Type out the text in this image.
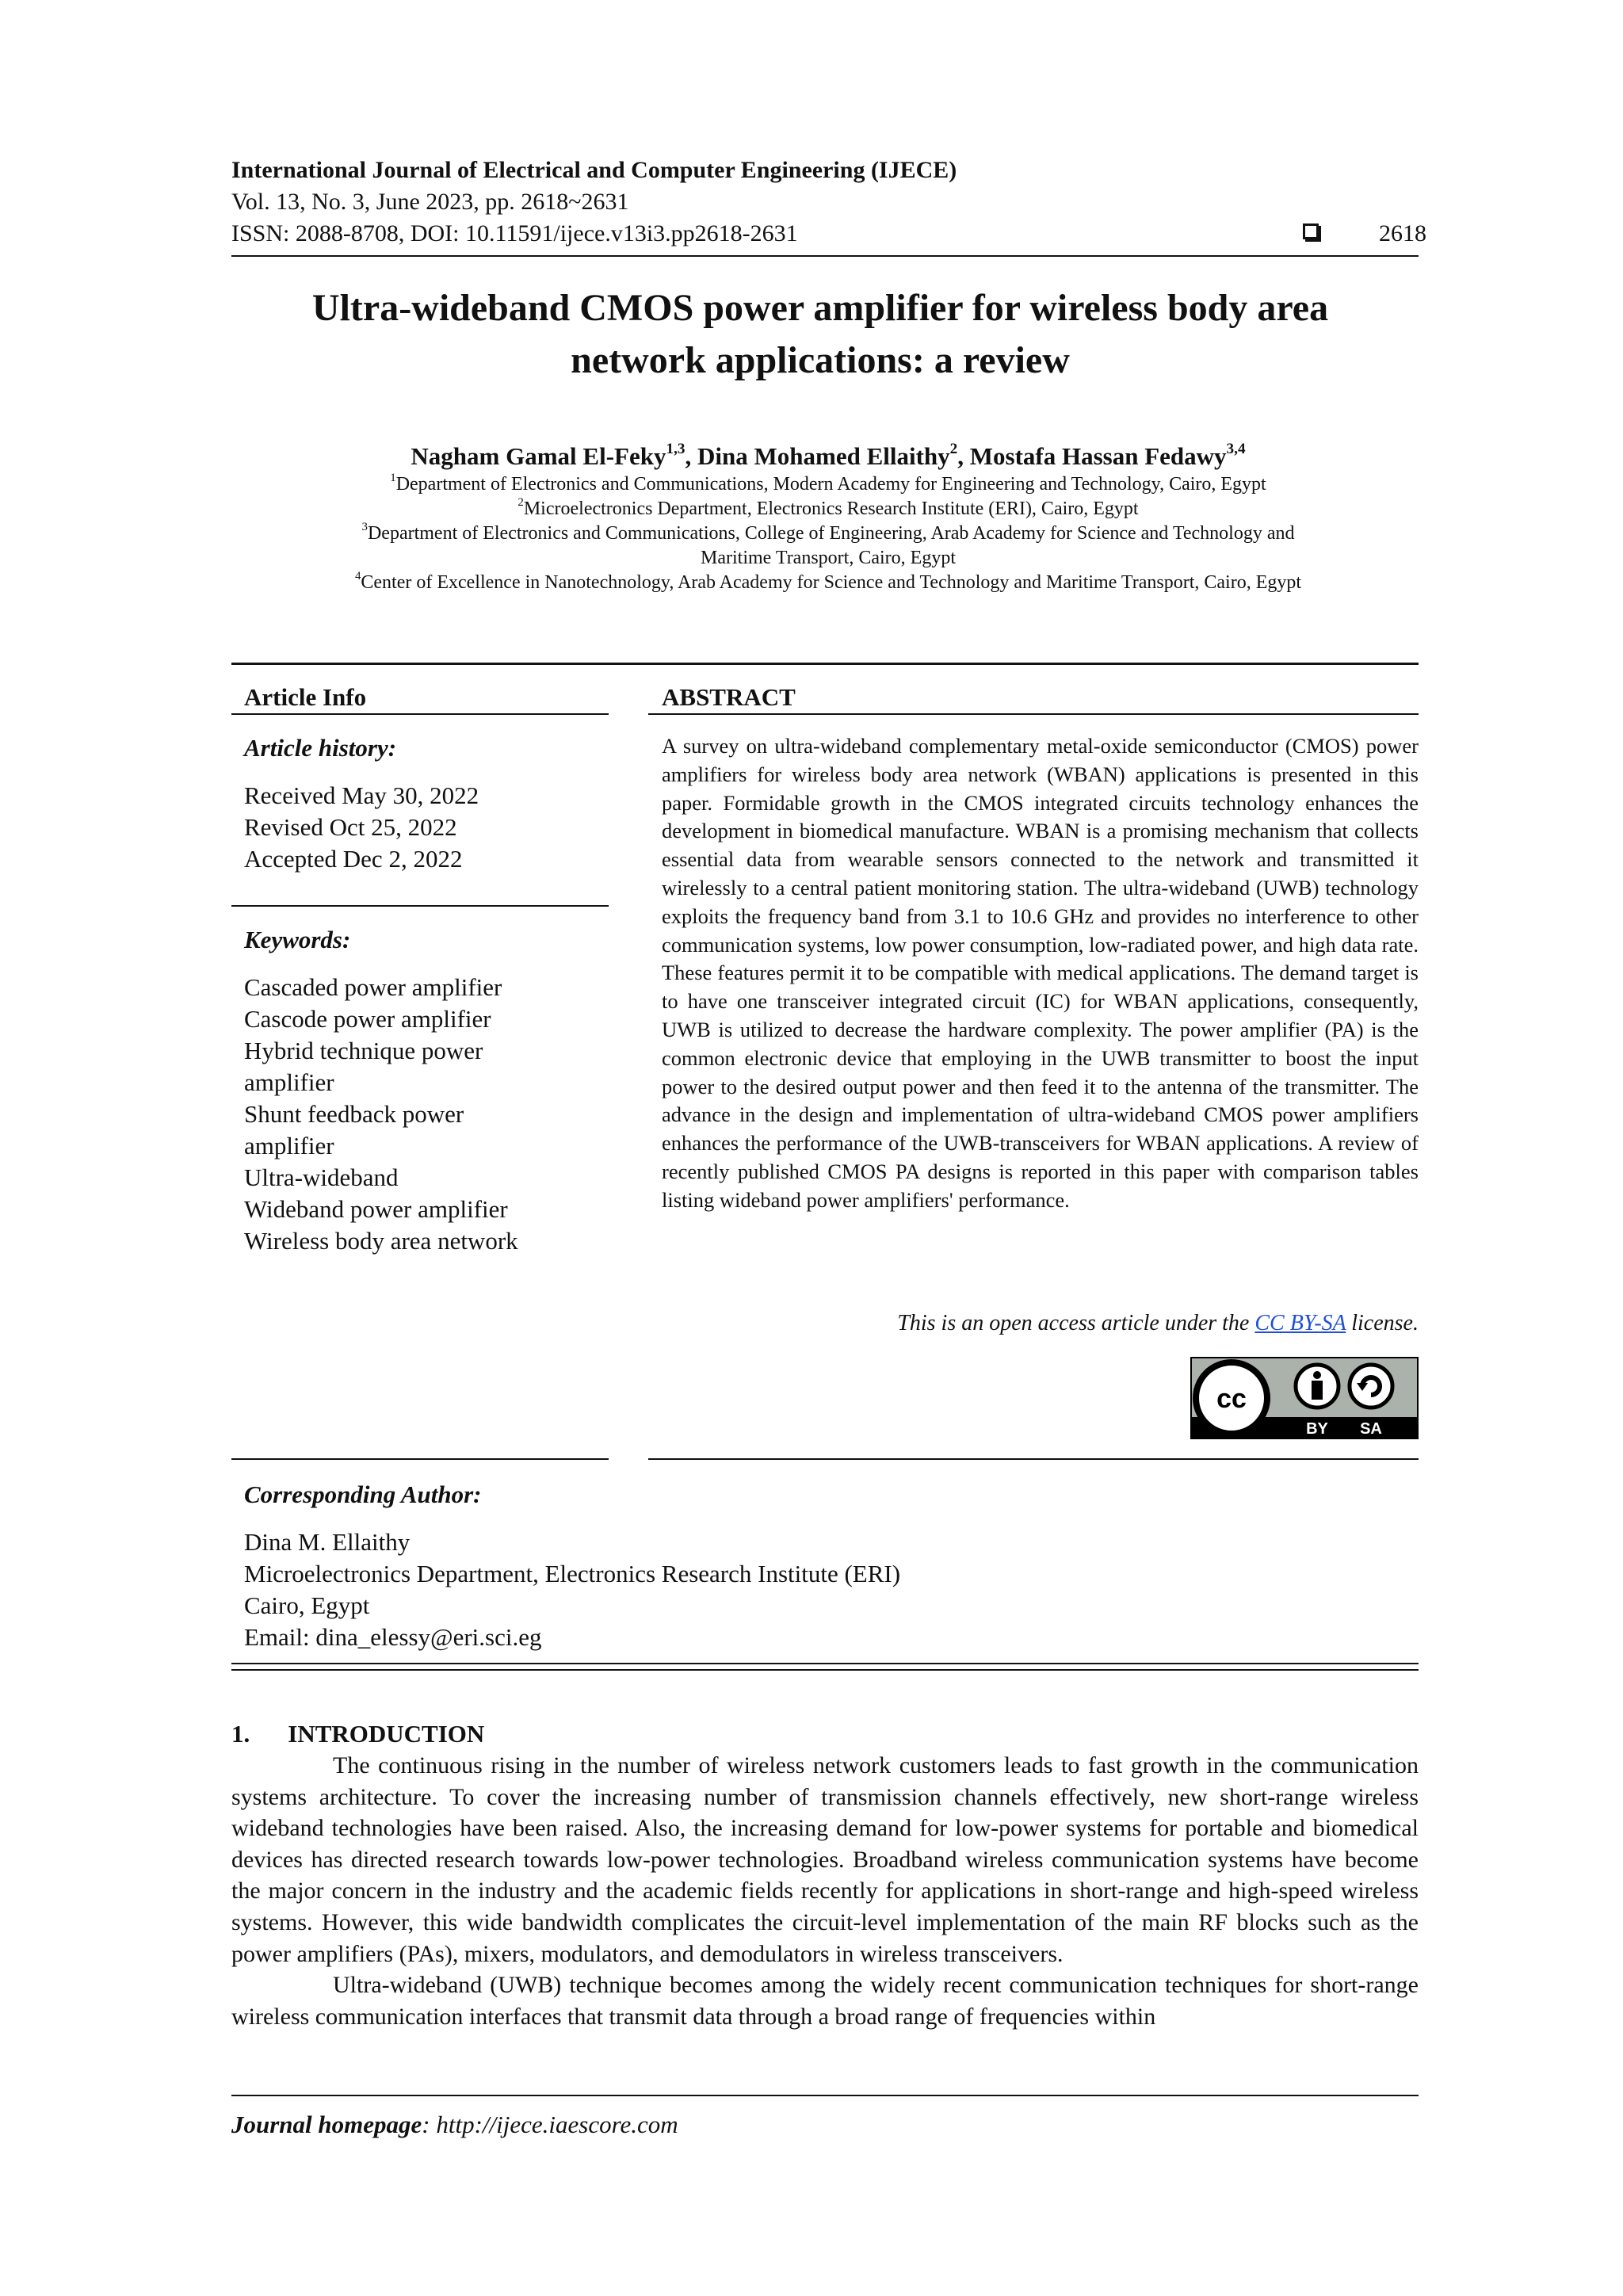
International Journal of Electrical and Computer Engineering (IJECE)
Vol. 13, No. 3, June 2023, pp. 2618~2631
ISSN: 2088-8708, DOI: 10.11591/ijece.v13i3.pp2618-2631	2618
Ultra-wideband CMOS power amplifier for wireless body area
network applications: a review
Nagham Gamal El-Feky$^{1,3}$, Dina Mohamed Ellaithy$^2$, Mostafa Hassan Fedawy$^{3,4}$
$^1$Department of Electronics and Communications, Modern Academy for Engineering and Technology, Cairo, Egypt
$^2$Microelectronics Department, Electronics Research Institute (ERI), Cairo, Egypt
$^3$Department of Electronics and Communications, College of Engineering, Arab Academy for Science and Technology and
Maritime Transport, Cairo, Egypt
$^4$Center of Excellence in Nanotechnology, Arab Academy for Science and Technology and Maritime Transport, Cairo, Egypt
Article Info
Article history:
Received May 30, 2022
Revised Oct 25, 2022
Accepted Dec 2, 2022
Keywords:
Cascaded power amplifier
Cascode power amplifier
Hybrid technique power
amplifier
Shunt feedback power
amplifier
Ultra-wideband
Wideband power amplifier
Wireless body area network
ABSTRACT
A survey on ultra-wideband complementary metal-oxide semiconductor (CMOS) power amplifiers for wireless body area network (WBAN) applications is presented in this paper. Formidable growth in the CMOS integrated circuits technology enhances the development in biomedical manufacture. WBAN is a promising mechanism that collects essential data from wearable sensors connected to the network and transmitted it wirelessly to a central patient monitoring station. The ultra-wideband (UWB) technology exploits the frequency band from 3.1 to 10.6 GHz and provides no interference to other communication systems, low power consumption, low-radiated power, and high data rate. These features permit it to be compatible with medical applications. The demand target is to have one transceiver integrated circuit (IC) for WBAN applications, consequently, UWB is utilized to decrease the hardware complexity. The power amplifier (PA) is the common electronic device that employing in the UWB transmitter to boost the input power to the desired output power and then feed it to the antenna of the transmitter. The advance in the design and implementation of ultra-wideband CMOS power amplifiers enhances the performance of the UWB-transceivers for WBAN applications. A review of recently published CMOS PA designs is reported in this paper with comparison tables listing wideband power amplifiers' performance.
This is an open access article under the CC BY-SA license.
cc
BY SA
Corresponding Author:
Dina M. Ellaithy
Microelectronics Department, Electronics Research Institute (ERI)
Cairo, Egypt
Email: dina_elessy@eri.sci.eg
1. INTRODUCTION

The continuous rising in the number of wireless network customers leads to fast growth in the communication systems architecture. To cover the increasing number of transmission channels effectively, new short-range wireless wideband technologies have been raised. Also, the increasing demand for low-power systems for portable and biomedical devices has directed research towards low-power technologies. Broadband wireless communication systems have become the major concern in the industry and the academic fields recently for applications in short-range and high-speed wireless systems. However, this wide bandwidth complicates the circuit-level implementation of the main RF blocks such as the power amplifiers (PAs), mixers, modulators, and demodulators in wireless transceivers.

Ultra-wideband (UWB) technique becomes among the widely recent communication techniques for short-range wireless communication interfaces that transmit data through a broad range of frequencies within

Journal homepage: http://ijece.iaescore.com
